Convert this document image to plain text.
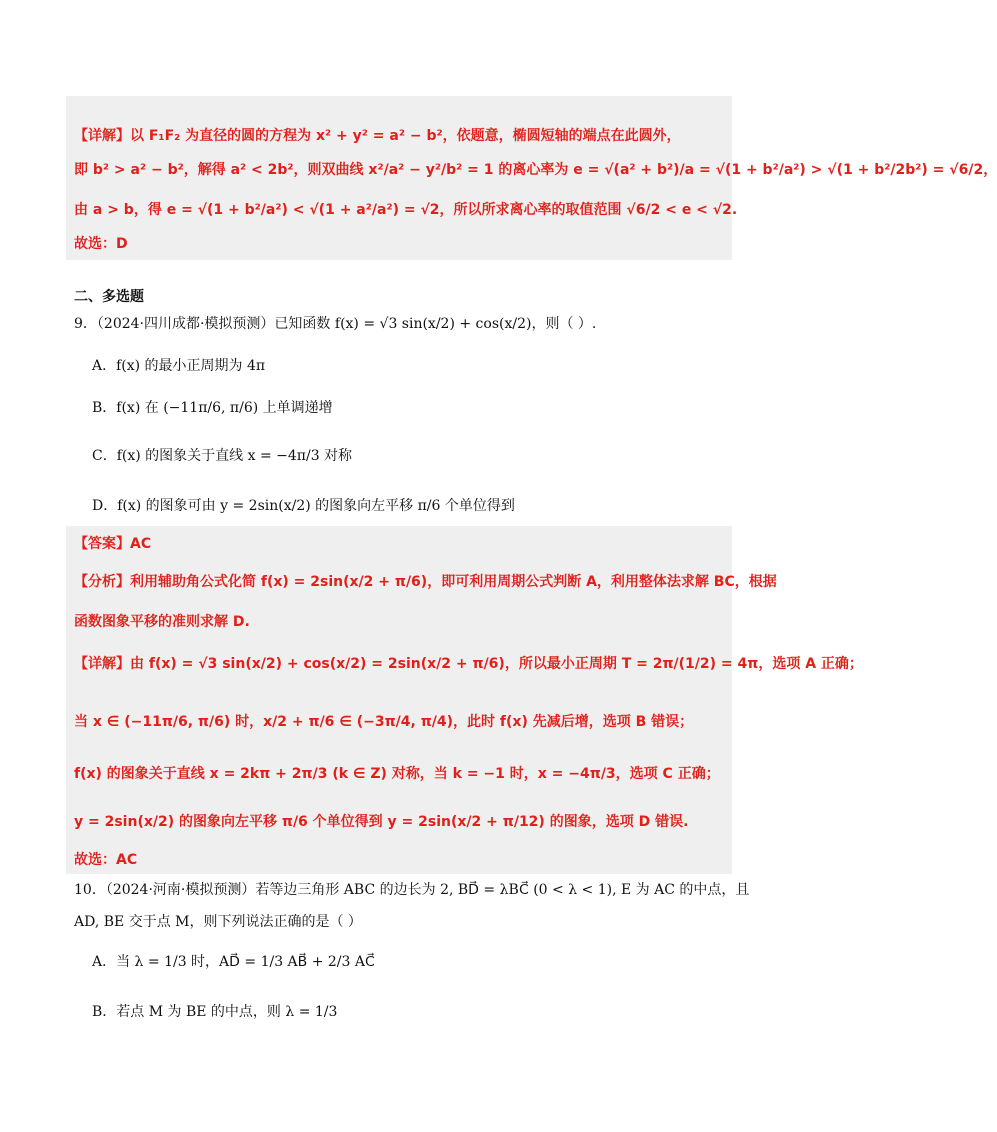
【详解】以 F₁F₂ 为直径的圆的方程为 x² + y² = a² − b²，依题意，椭圆短轴的端点在此圆外，
即 b² > a² − b²，解得 a² < 2b²，则双曲线 x²/a² − y²/b² = 1 的离心率为 e = √(a² + b²)/a = √(1 + b²/a²) > √(1 + b²/2b²) = √6/2，
由 a > b，得 e = √(1 + b²/a²) < √(1 + a²/a²) = √2，所以所求离心率的取值范围 √6/2 < e < √2.
故选：D
二、多选题
9．（2024·四川成都·模拟预测）已知函数 f(x) = √3 sin(x/2) + cos(x/2)，则（ ）.
A．f(x) 的最小正周期为 4π
B．f(x) 在 (−11π/6, π/6) 上单调递增
C．f(x) 的图象关于直线 x = −4π/3 对称
D．f(x) 的图象可由 y = 2sin(x/2) 的图象向左平移 π/6 个单位得到
【答案】AC
【分析】利用辅助角公式化简 f(x) = 2sin(x/2 + π/6)，即可利用周期公式判断 A，利用整体法求解 BC，根据
函数图象平移的准则求解 D.
【详解】由 f(x) = √3 sin(x/2) + cos(x/2) = 2sin(x/2 + π/6)，所以最小正周期 T = 2π/(1/2) = 4π，选项 A 正确；
当 x ∈ (−11π/6, π/6) 时，x/2 + π/6 ∈ (−3π/4, π/4)，此时 f(x) 先减后增，选项 B 错误；
f(x) 的图象关于直线 x = 2kπ + 2π/3 (k ∈ Z) 对称，当 k = −1 时，x = −4π/3，选项 C 正确；
y = 2sin(x/2) 的图象向左平移 π/6 个单位得到 y = 2sin(x/2 + π/12) 的图象，选项 D 错误.
故选：AC
10．（2024·河南·模拟预测）若等边三角形 ABC 的边长为 2, BD⃗ = λBC⃗ (0 < λ < 1), E 为 AC 的中点，且
AD, BE 交于点 M，则下列说法正确的是（ ）
A．当 λ = 1/3 时，AD⃗ = 1/3 AB⃗ + 2/3 AC⃗
B．若点 M 为 BE 的中点，则 λ = 1/3
